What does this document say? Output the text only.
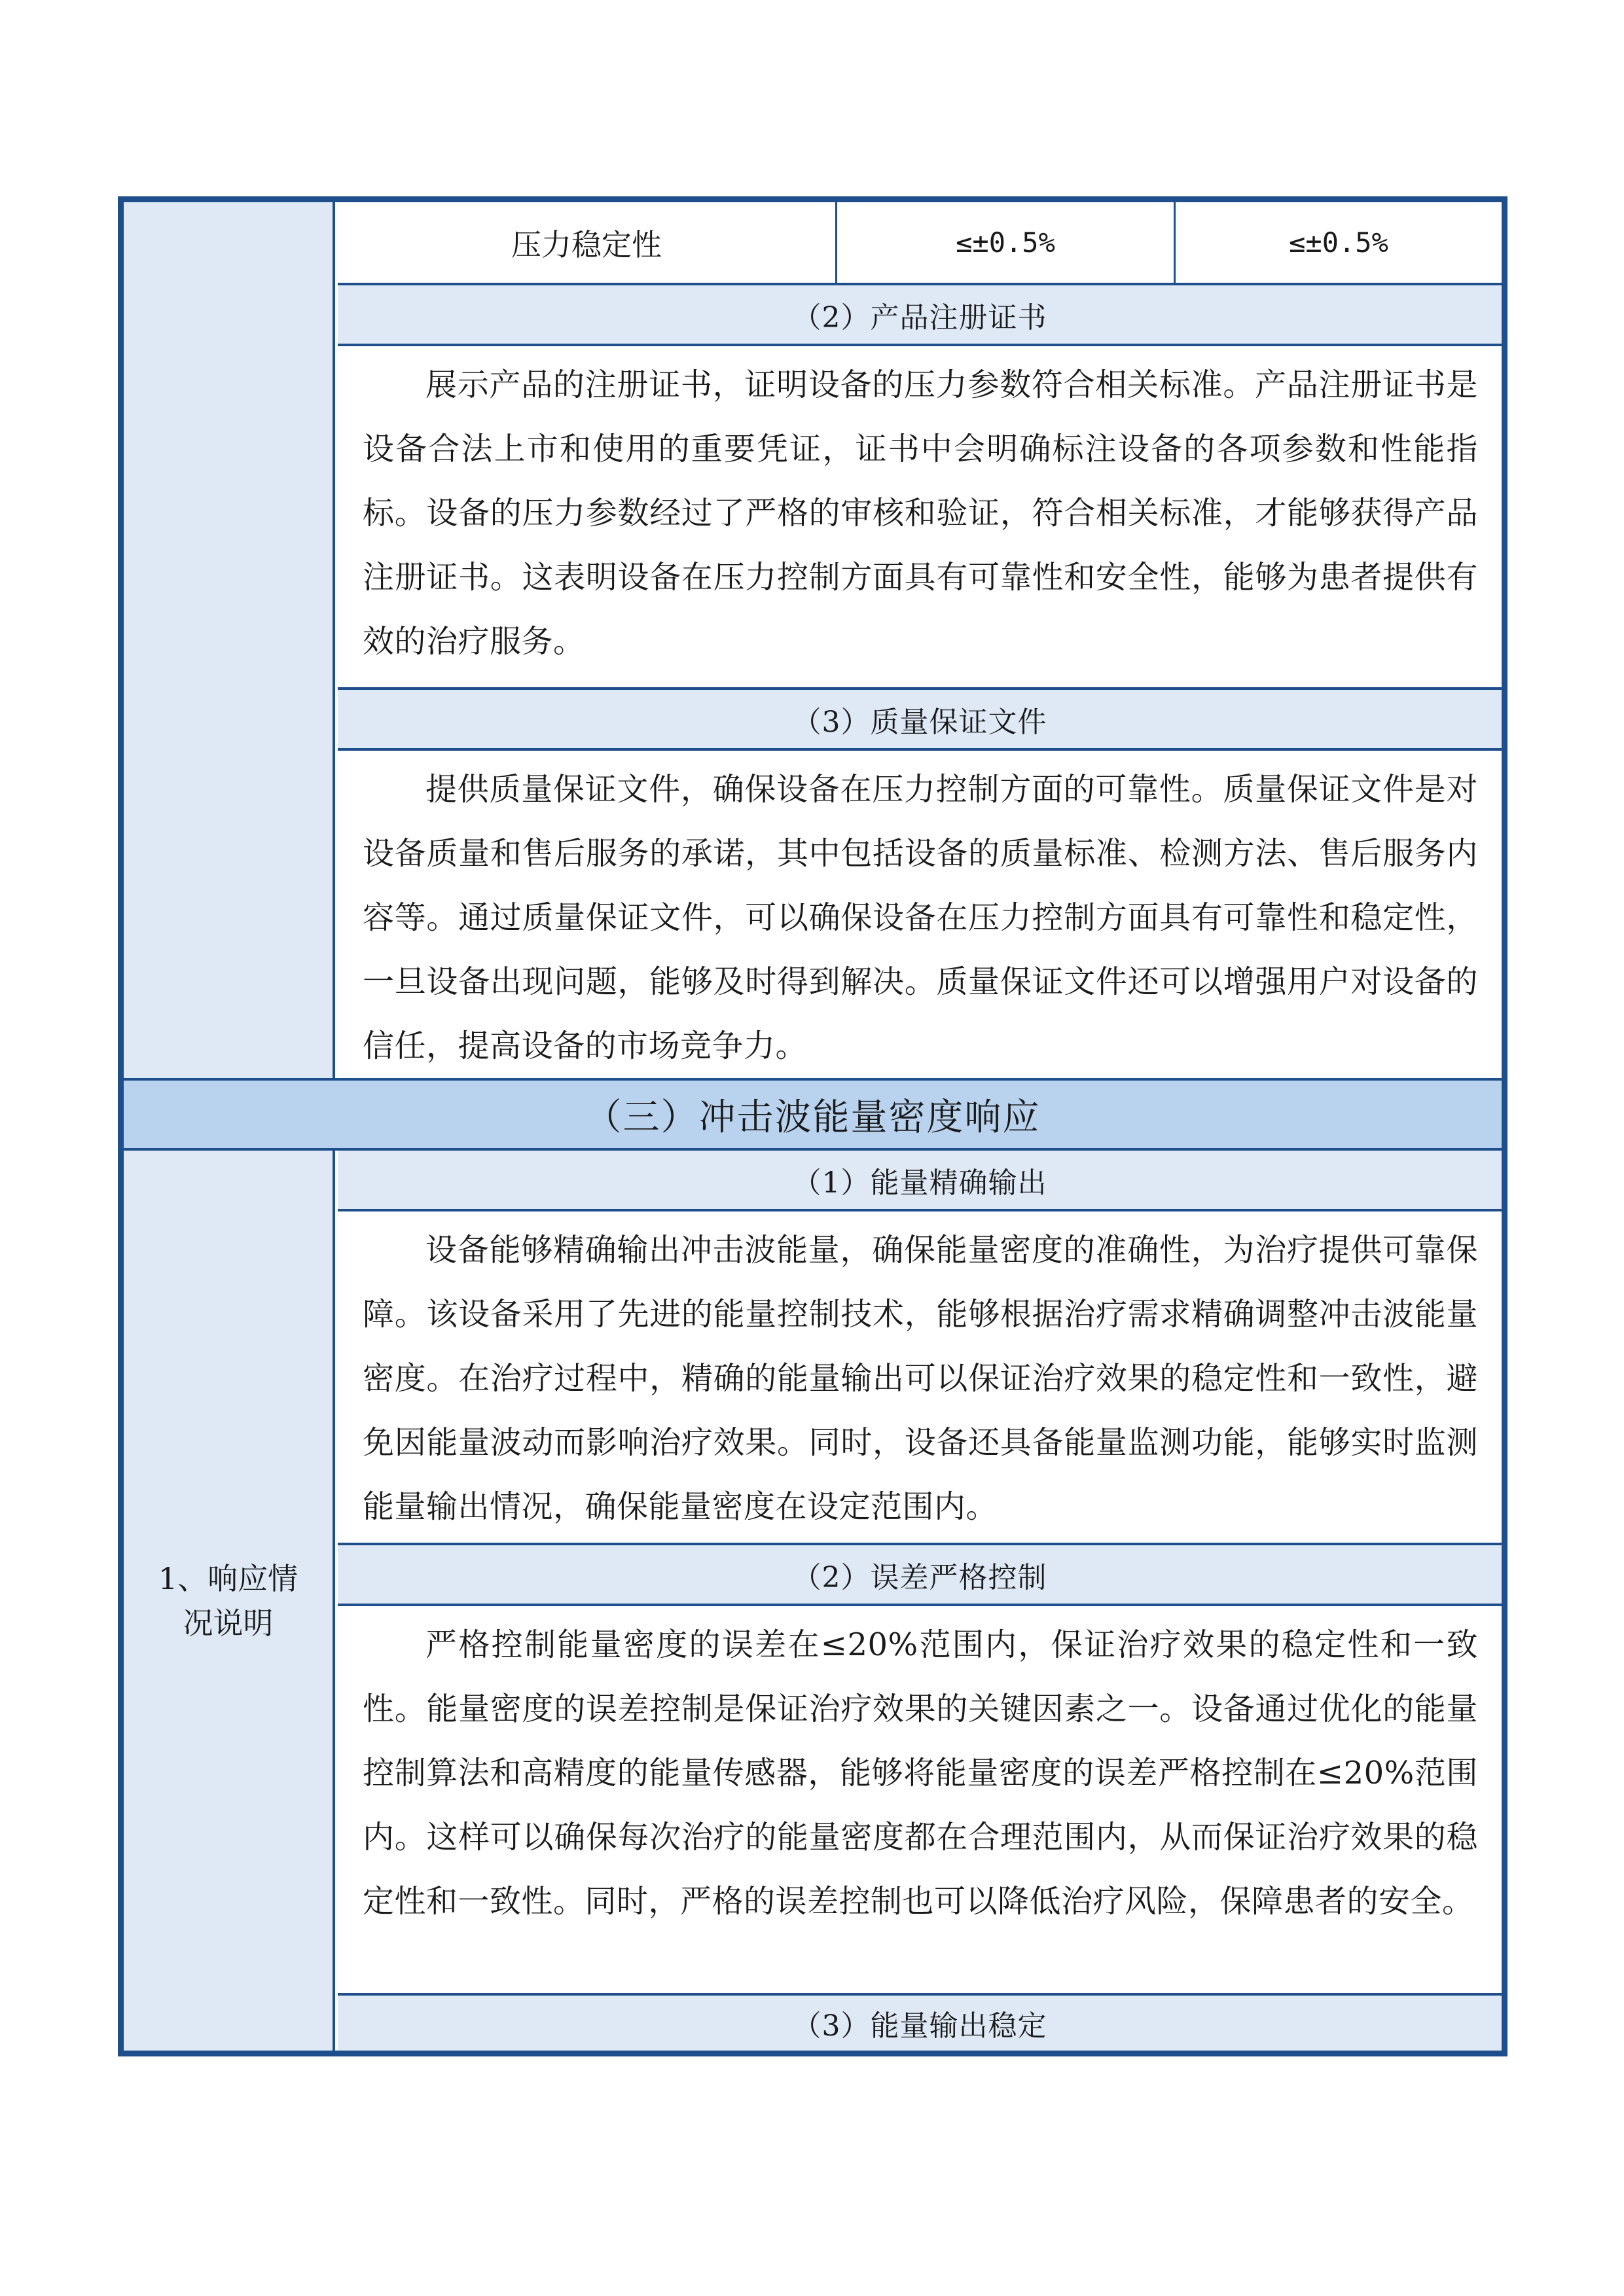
压力稳定性	≤±0.5%	≤±0.5%
（2）产品注册证书
展示产品的注册证书，证明设备的压力参数符合相关标准。产品注册证书是设备合法上市和使用的重要凭证，证书中会明确标注设备的各项参数和性能指标。设备的压力参数经过了严格的审核和验证，符合相关标准，才能够获得产品注册证书。这表明设备在压力控制方面具有可靠性和安全性，能够为患者提供有效的治疗服务。
（3）质量保证文件
提供质量保证文件，确保设备在压力控制方面的可靠性。质量保证文件是对设备质量和售后服务的承诺，其中包括设备的质量标准、检测方法、售后服务内容等。通过质量保证文件，可以确保设备在压力控制方面具有可靠性和稳定性，一旦设备出现问题，能够及时得到解决。质量保证文件还可以增强用户对设备的信任，提高设备的市场竞争力。
（三）冲击波能量密度响应
1、响应情况说明
（1）能量精确输出
设备能够精确输出冲击波能量，确保能量密度的准确性，为治疗提供可靠保障。该设备采用了先进的能量控制技术，能够根据治疗需求精确调整冲击波能量密度。在治疗过程中，精确的能量输出可以保证治疗效果的稳定性和一致性，避免因能量波动而影响治疗效果。同时，设备还具备能量监测功能，能够实时监测能量输出情况，确保能量密度在设定范围内。
（2）误差严格控制
严格控制能量密度的误差在≤20%范围内，保证治疗效果的稳定性和一致性。能量密度的误差控制是保证治疗效果的关键因素之一。设备通过优化的能量控制算法和高精度的能量传感器，能够将能量密度的误差严格控制在≤20%范围内。这样可以确保每次治疗的能量密度都在合理范围内，从而保证治疗效果的稳定性和一致性。同时，严格的误差控制也可以降低治疗风险，保障患者的安全。
（3）能量输出稳定
